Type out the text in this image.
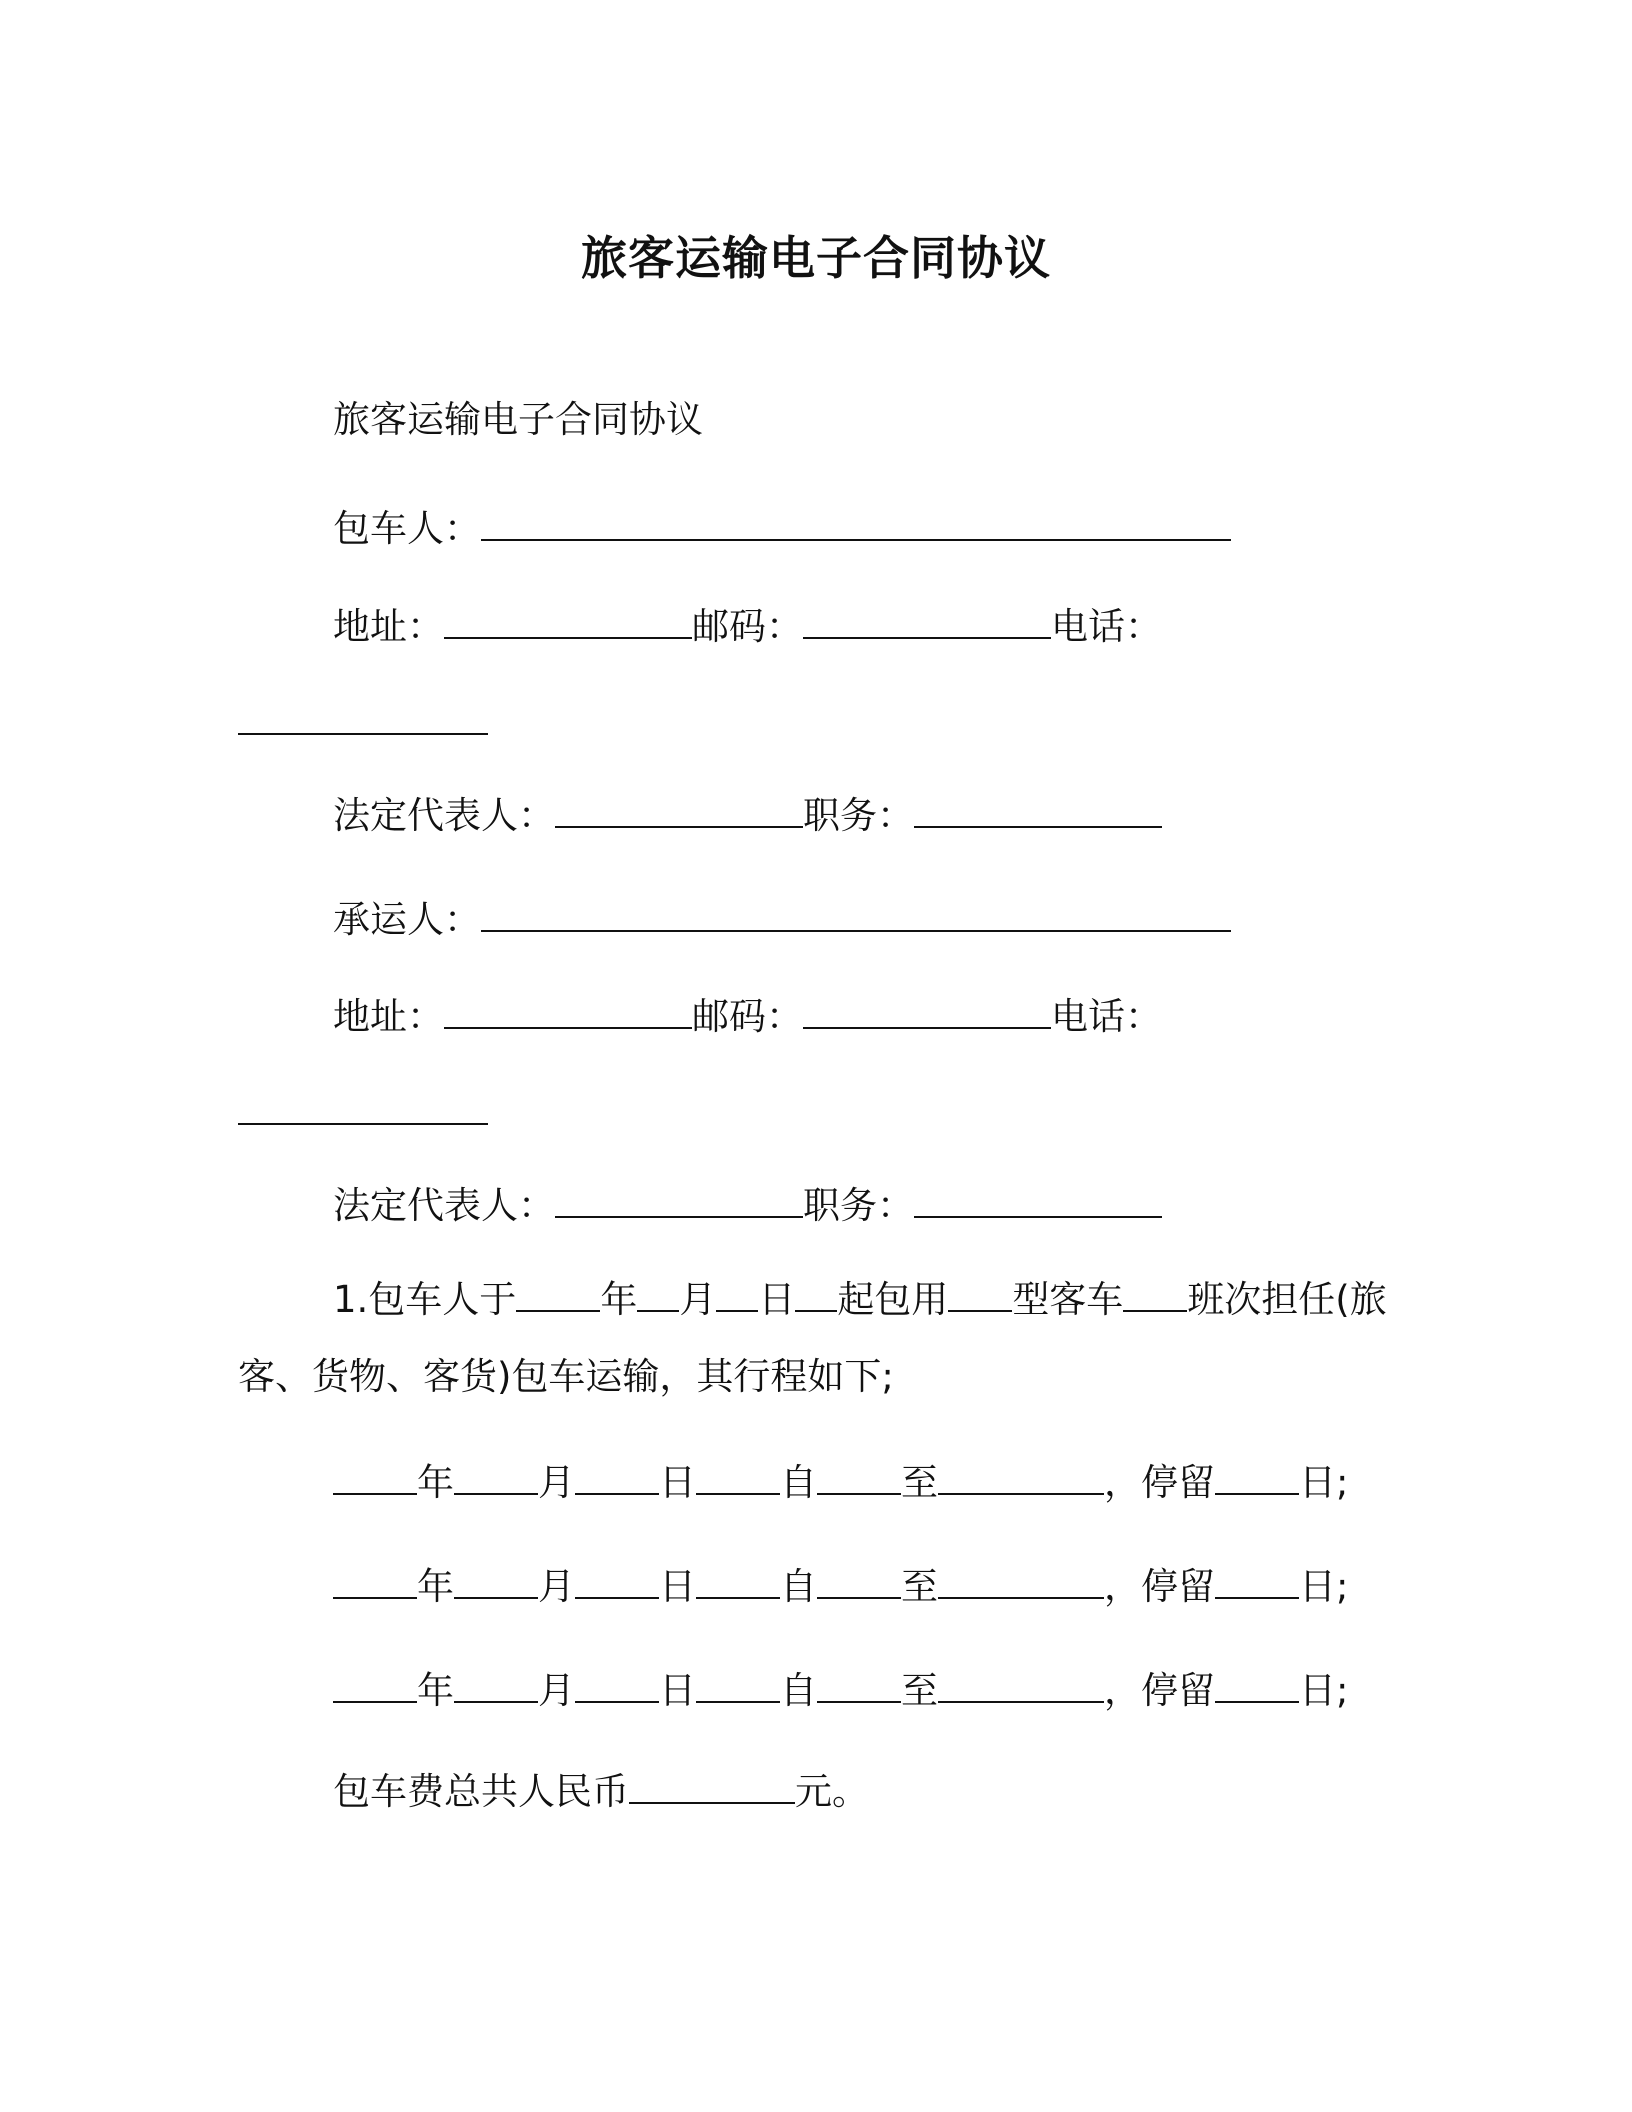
旅客运输电子合同协议
旅客运输电子合同协议
包车人：
地址：	邮码：	电话：
法定代表人：	职务：
承运人：
地址：	邮码：	电话：
法定代表人：	职务：
1.包车人于 年 月 日 起包用 型客车 班次担任(旅
客、货物、客货)包车运输，其行程如下;
年 月 日 自 至	，停留 日;
年 月 日 自 至	，停留 日;
年 月 日 自 至	，停留 日;
包车费总共人民币	元。
